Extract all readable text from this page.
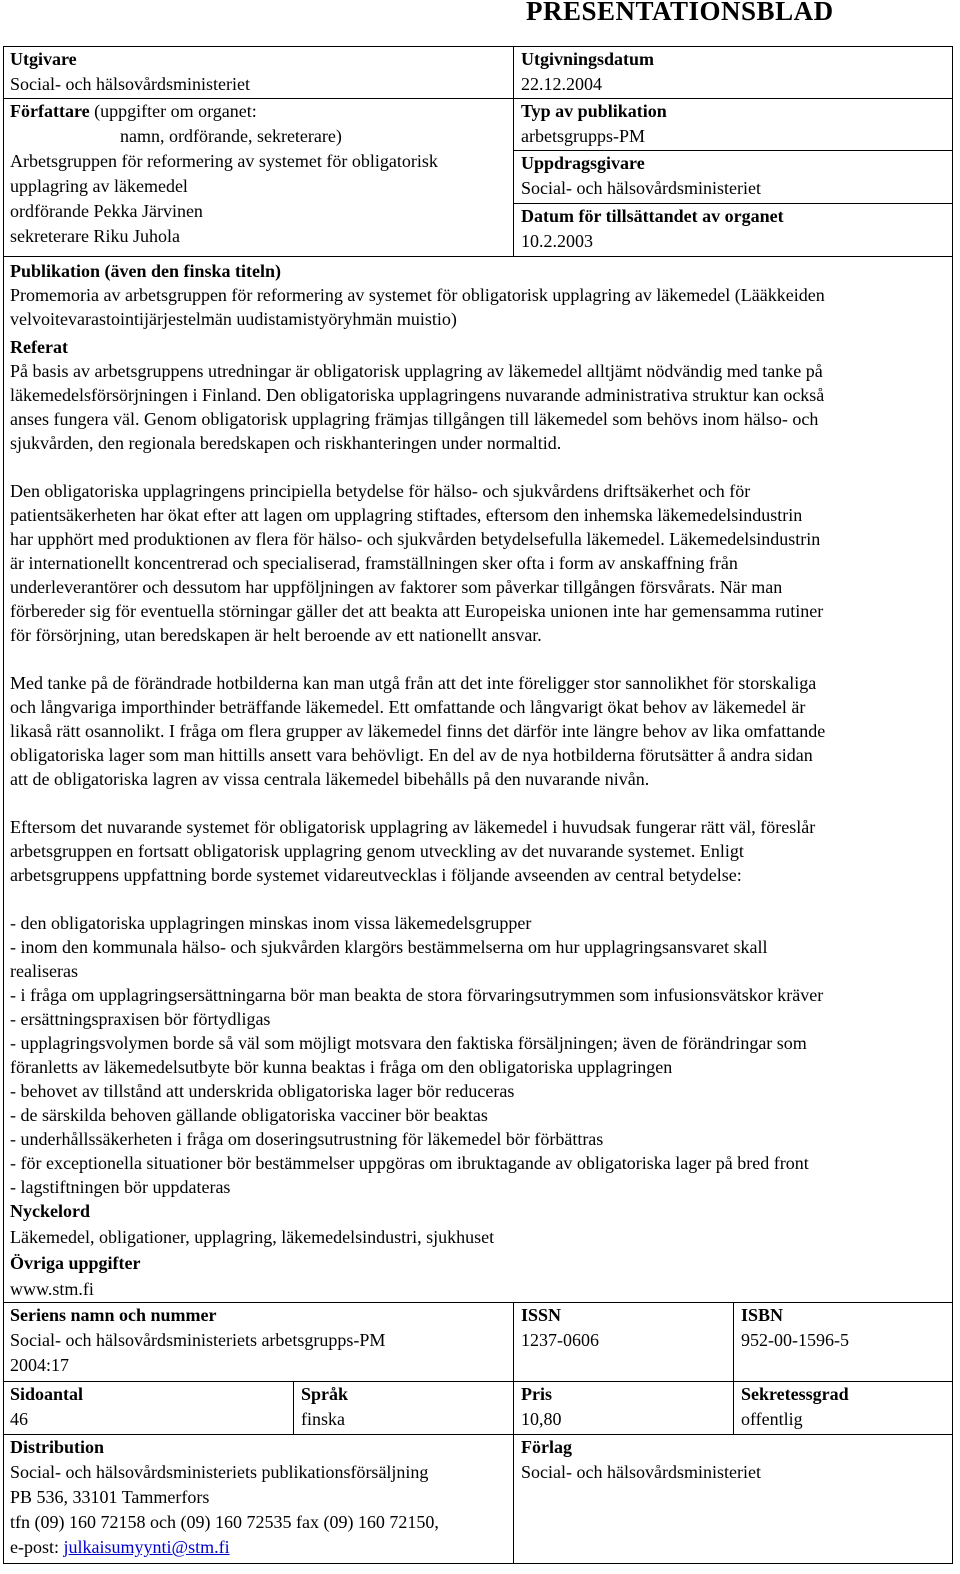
PRESENTATIONSBLAD
Utgivare
Social- och hälsovårdsministeriet
Utgivningsdatum
22.12.2004
Författare (uppgifter om organet:
namn, ordförande, sekreterare)
Arbetsgruppen för reformering av systemet för obligatorisk
upplagring av läkemedel
ordförande Pekka Järvinen
sekreterare Riku Juhola
Typ av publikation
arbetsgrupps-PM
Uppdragsgivare
Social- och hälsovårdsministeriet
Datum för tillsättandet av organet
10.2.2003
Publikation (även den finska titeln)

Promemoria av arbetsgruppen för reformering av systemet för obligatorisk upplagring av läkemedel (Lääkkeiden

velvoitevarastointijärjestelmän uudistamistyöryhmän muistio)

Referat

På basis av arbetsgruppens utredningar är obligatorisk upplagring av läkemedel alltjämt nödvändig med tanke på

läkemedelsförsörjningen i Finland. Den obligatoriska upplagringens nuvarande administrativa struktur kan också

anses fungera väl. Genom obligatorisk upplagring främjas tillgången till läkemedel som behövs inom hälso- och

sjukvården, den regionala beredskapen och riskhanteringen under normaltid.

Den obligatoriska upplagringens principiella betydelse för hälso- och sjukvårdens driftsäkerhet och för

patientsäkerheten har ökat efter att lagen om upplagring stiftades, eftersom den inhemska läkemedelsindustrin

har upphört med produktionen av flera för hälso- och sjukvården betydelsefulla läkemedel. Läkemedelsindustrin

är internationellt koncentrerad och specialiserad, framställningen sker ofta i form av anskaffning från

underleverantörer och dessutom har uppföljningen av faktorer som påverkar tillgången försvårats. När man

förbereder sig för eventuella störningar gäller det att beakta att Europeiska unionen inte har gemensamma rutiner

för försörjning, utan beredskapen är helt beroende av ett nationellt ansvar.

Med tanke på de förändrade hotbilderna kan man utgå från att det inte föreligger stor sannolikhet för storskaliga

och långvariga importhinder beträffande läkemedel. Ett omfattande och långvarigt ökat behov av läkemedel är

likaså rätt osannolikt. I fråga om flera grupper av läkemedel finns det därför inte längre behov av lika omfattande

obligatoriska lager som man hittills ansett vara behövligt. En del av de nya hotbilderna förutsätter å andra sidan

att de obligatoriska lagren av vissa centrala läkemedel bibehålls på den nuvarande nivån.

Eftersom det nuvarande systemet för obligatorisk upplagring av läkemedel i huvudsak fungerar rätt väl, föreslår

arbetsgruppen en fortsatt obligatorisk upplagring genom utveckling av det nuvarande systemet. Enligt

arbetsgruppens uppfattning borde systemet vidareutvecklas i följande avseenden av central betydelse:

- den obligatoriska upplagringen minskas inom vissa läkemedelsgrupper

- inom den kommunala hälso- och sjukvården klargörs bestämmelserna om hur upplagringsansvaret skall

realiseras

- i fråga om upplagringsersättningarna bör man beakta de stora förvaringsutrymmen som infusionsvätskor kräver

- ersättningspraxisen bör förtydligas

- upplagringsvolymen borde så väl som möjligt motsvara den faktiska försäljningen; även de förändringar som

föranletts av läkemedelsutbyte bör kunna beaktas i fråga om den obligatoriska upplagringen

- behovet av tillstånd att underskrida obligatoriska lager bör reduceras

- de särskilda behoven gällande obligatoriska vacciner bör beaktas

- underhållssäkerheten i fråga om doseringsutrustning för läkemedel bör förbättras

- för exceptionella situationer bör bestämmelser uppgöras om ibruktagande av obligatoriska lager på bred front

- lagstiftningen bör uppdateras

Nyckelord

Läkemedel, obligationer, upplagring, läkemedelsindustri, sjukhuset

Övriga uppgifter

www.stm.fi

Seriens namn och nummer
Social- och hälsovårdsministeriets arbetsgrupps-PM
2004:17
ISSN
1237-0606
ISBN
952-00-1596-5
Sidoantal
46
Språk
finska
Pris
10,80
Sekretessgrad
offentlig
Distribution
Social- och hälsovårdsministeriets publikationsförsäljning
PB 536, 33101 Tammerfors
tfn (09) 160 72158 och (09) 160 72535 fax (09) 160 72150,
e-post: julkaisumyynti@stm.fi
Förlag
Social- och hälsovårdsministeriet
